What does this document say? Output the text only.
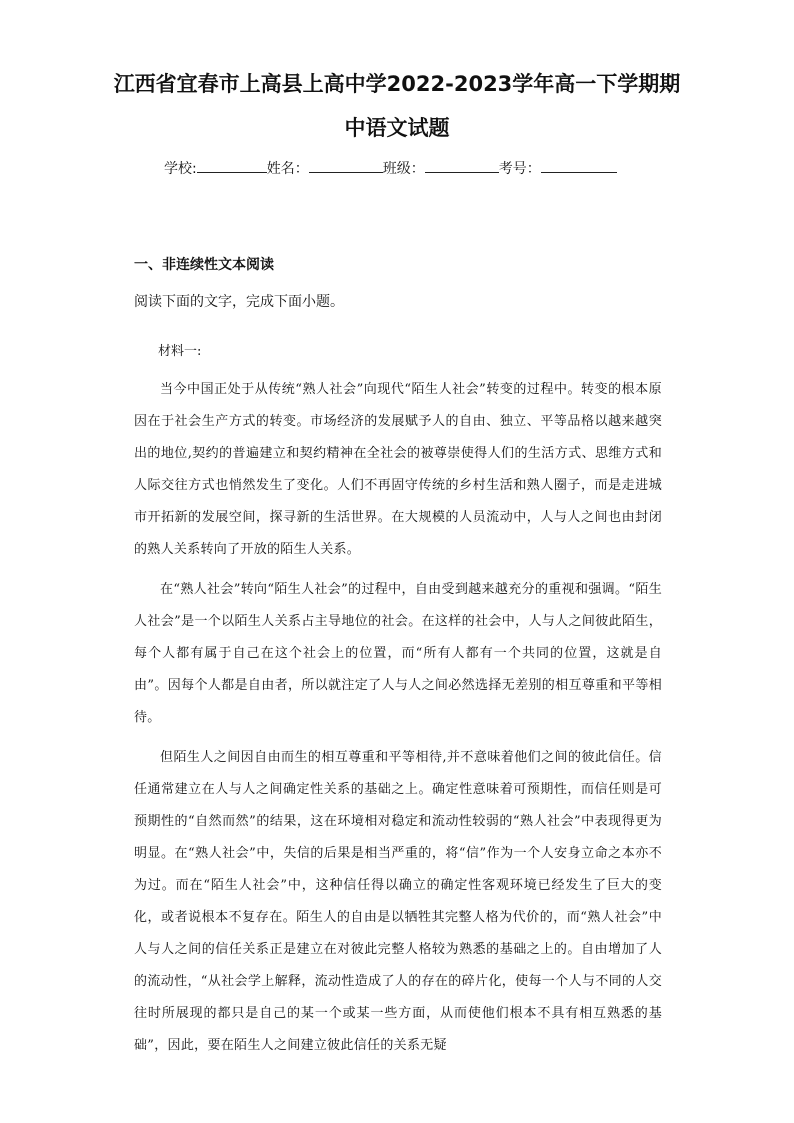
江西省宜春市上高县上高中学2022-2023学年高一下学期期
中语文试题
学校:	姓名：	班级：	考号：
一、非连续性文本阅读
阅读下面的文字，完成下面小题。
材料一:
当今中国正处于从传统“熟人社会”向现代“陌生人社会”转变的过程中。转变的根本原因在于社会生产方式的转变。市场经济的发展赋予人的自由、独立、平等品格以越来越突出的地位,契约的普遍建立和契约精神在全社会的被尊崇使得人们的生活方式、思维方式和人际交往方式也悄然发生了变化。人们不再固守传统的乡村生活和熟人圈子，而是走进城市开拓新的发展空间，探寻新的生活世界。在大规模的人员流动中，人与人之间也由封闭的熟人关系转向了开放的陌生人关系。
在“熟人社会”转向“陌生人社会”的过程中，自由受到越来越充分的重视和强调。“陌生人社会”是一个以陌生人关系占主导地位的社会。在这样的社会中，人与人之间彼此陌生，每个人都有属于自己在这个社会上的位置，而“所有人都有一个共同的位置，这就是自由”。因每个人都是自由者，所以就注定了人与人之间必然选择无差别的相互尊重和平等相待。
但陌生人之间因自由而生的相互尊重和平等相待,并不意味着他们之间的彼此信任。信任通常建立在人与人之间确定性关系的基础之上。确定性意味着可预期性，而信任则是可预期性的“自然而然”的结果，这在环境相对稳定和流动性较弱的“熟人社会”中表现得更为明显。在“熟人社会”中，失信的后果是相当严重的，将“信”作为一个人安身立命之本亦不为过。而在“陌生人社会”中，这种信任得以确立的确定性客观环境已经发生了巨大的变化，或者说根本不复存在。陌生人的自由是以牺牲其完整人格为代价的，而“熟人社会”中人与人之间的信任关系正是建立在对彼此完整人格较为熟悉的基础之上的。自由增加了人的流动性，“从社会学上解释，流动性造成了人的存在的碎片化，使每一个人与不同的人交往时所展现的都只是自己的某一个或某一些方面，从而使他们根本不具有相互熟悉的基础”，因此，要在陌生人之间建立彼此信任的关系无疑
